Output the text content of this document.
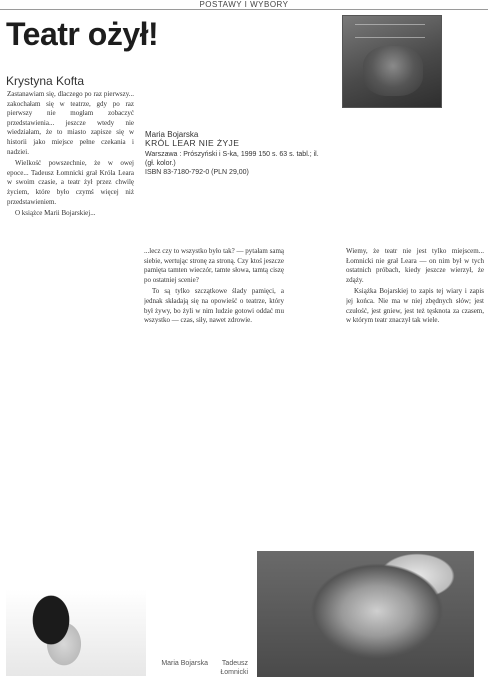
POSTAWY I WYBORY
Teatr ożył!
Krystyna Kofta
Maria Bojarska
KRÓL LEAR NIE ŻYJE
Warszawa : Prószyński i S-ka, 1999 150 s. 63 s. tabl.; il. (gł. kolor.)
ISBN 83-7180-792-0 (PLN 29,00)

Zastanawiam się, dlaczego po raz pierwszy... zakochałam się w teatrze, gdy po raz pierwszy nie mogłam zobaczyć przedstawienia... jeszcze wtedy nie wiedziałam, że to miasto zapisze się w historii jako miejsce pełne czekania i nadziei.

Wielkość powszechnie, że w owej epoce... Tadeusz Łomnicki grał Króla Leara w swoim czasie, a teatr żył przez chwilę życiem, które było czymś więcej niż przedstawieniem.

O książce Marii Bojarskiej...

...lecz czy to wszystko było tak? — pytałam samą siebie, wertując stronę za stroną. Czy ktoś jeszcze pamięta tamten wieczór, tamte słowa, tamtą ciszę po ostatniej scenie?

To są tylko szczątkowe ślady pamięci, a jednak składają się na opowieść o teatrze, który był żywy, bo żyli w nim ludzie gotowi oddać mu wszystko — czas, siły, nawet zdrowie.

Wiemy, że teatr nie jest tylko miejscem... Łomnicki nie grał Leara — on nim był w tych ostatnich próbach, kiedy jeszcze wierzył, że zdąży.

Książka Bojarskiej to zapis tej wiary i zapis jej końca. Nie ma w niej zbędnych słów; jest czułość, jest gniew, jest też tęsknota za czasem, w którym teatr znaczył tak wiele.

Maria Bojarska	Tadeusz Łomnicki
